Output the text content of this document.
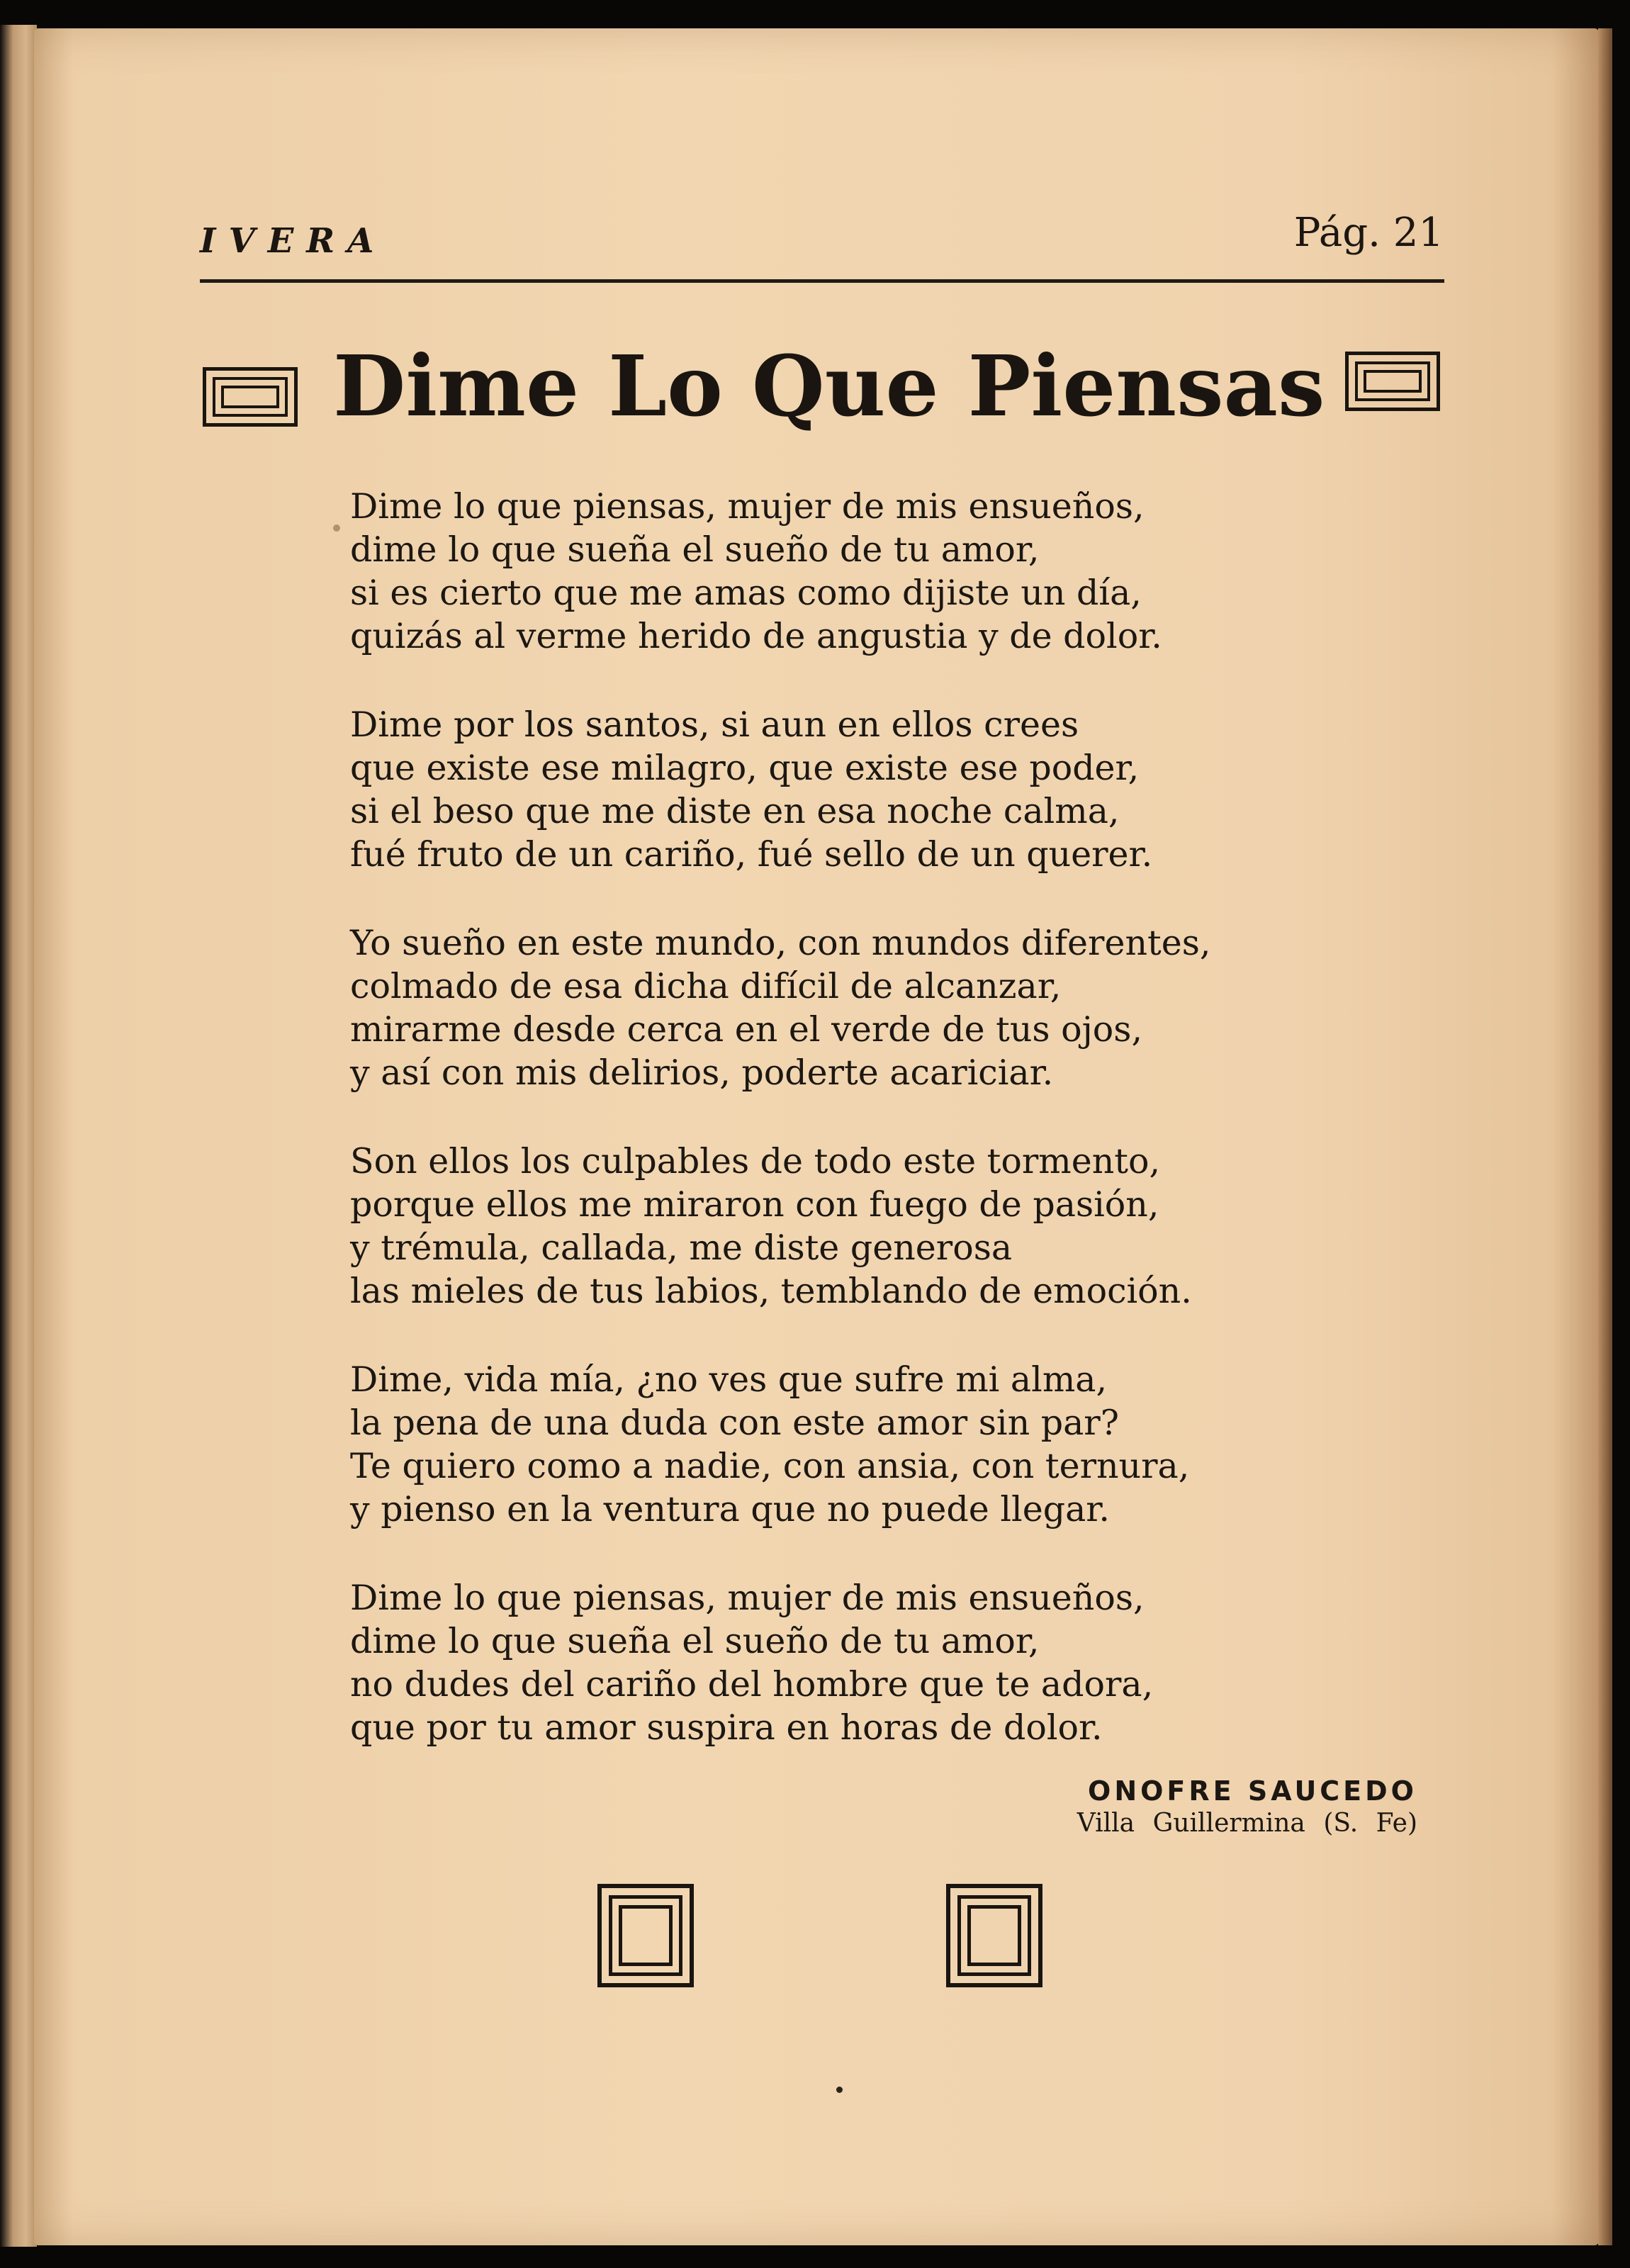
IVERA	Pág. 21
Dime Lo Que Piensas
Dime lo que piensas, mujer de mis ensueños,
dime lo que sueña el sueño de tu amor,
si es cierto que me amas como dijiste un día,
quizás al verme herido de angustia y de dolor.
Dime por los santos, si aun en ellos crees
que existe ese milagro, que existe ese poder,
si el beso que me diste en esa noche calma,
fué fruto de un cariño, fué sello de un querer.
Yo sueño en este mundo, con mundos diferentes,
colmado de esa dicha difícil de alcanzar,
mirarme desde cerca en el verde de tus ojos,
y así con mis delirios, poderte acariciar.
Son ellos los culpables de todo este tormento,
porque ellos me miraron con fuego de pasión,
y trémula, callada, me diste generosa
las mieles de tus labios, temblando de emoción.
Dime, vida mía, ¿no ves que sufre mi alma,
la pena de una duda con este amor sin par?
Te quiero como a nadie, con ansia, con ternura,
y pienso en la ventura que no puede llegar.
Dime lo que piensas, mujer de mis ensueños,
dime lo que sueña el sueño de tu amor,
no dudes del cariño del hombre que te adora,
que por tu amor suspira en horas de dolor.
ONOFRE SAUCEDO
Villa Guillermina (S. Fe)
